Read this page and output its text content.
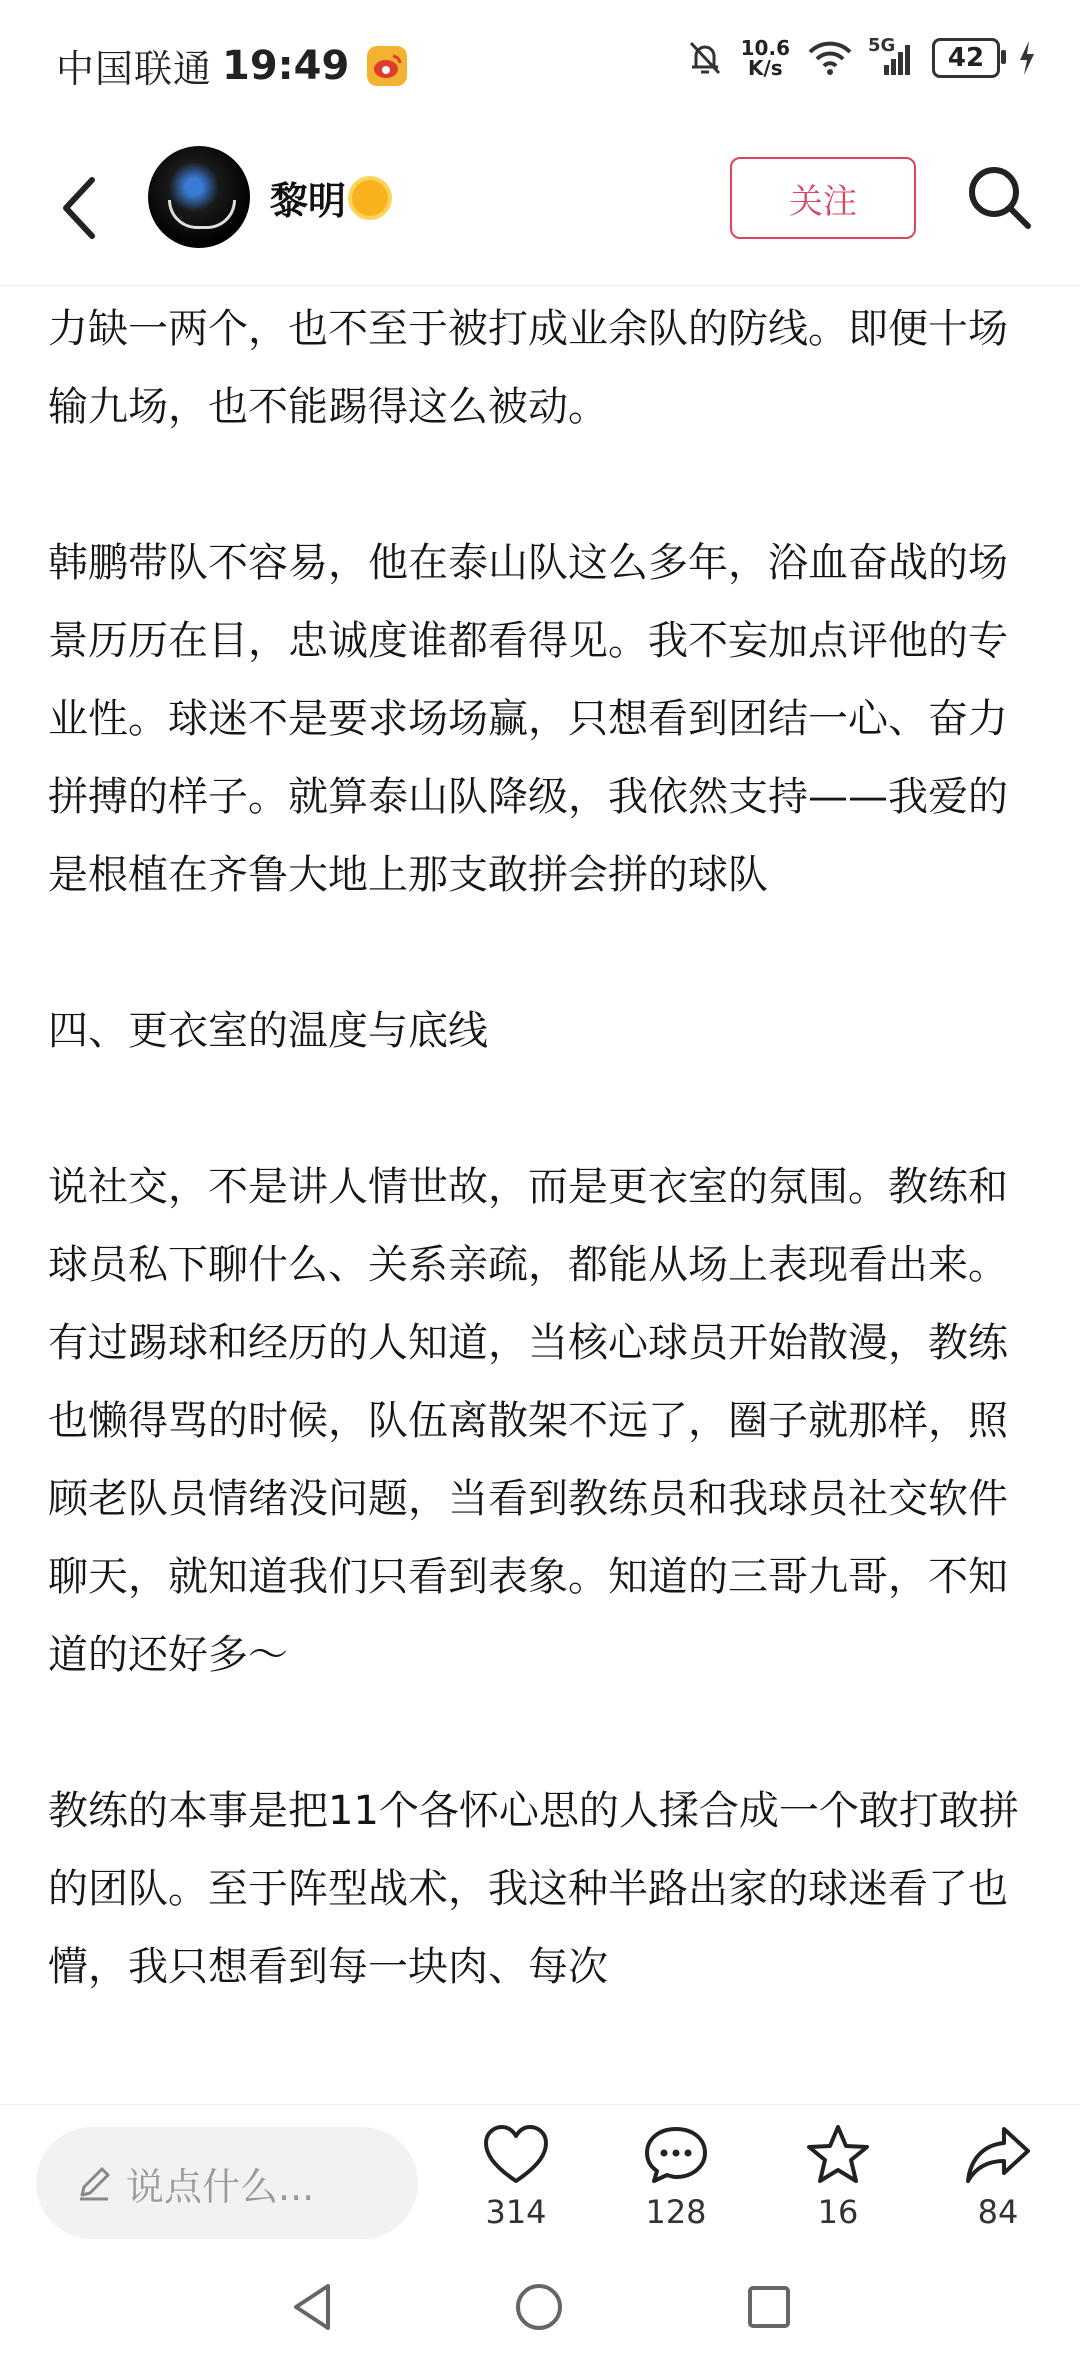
中国联通 19:49	10.6
K/s
5G 42
黎明	关注

力缺一两个，也不至于被打成业余队的防线。即便十场输九场，也不能踢得这么被动。

韩鹏带队不容易，他在泰山队这么多年，浴血奋战的场景历历在目，忠诚度谁都看得见。我不妄加点评他的专业性。球迷不是要求场场赢，只想看到团结一心、奋力拼搏的样子。就算泰山队降级，我依然支持——我爱的是根植在齐鲁大地上那支敢拼会拼的球队

四、更衣室的温度与底线

说社交，不是讲人情世故，而是更衣室的氛围。教练和球员私下聊什么、关系亲疏，都能从场上表现看出来。有过踢球和经历的人知道，当核心球员开始散漫，教练也懒得骂的时候，队伍离散架不远了，圈子就那样，照顾老队员情绪没问题，当看到教练员和我球员社交软件聊天，就知道我们只看到表象。知道的三哥九哥，不知道的还好多～

教练的本事是把11个各怀心思的人揉合成一个敢打敢拼的团队。至于阵型战术，我这种半路出家的球迷看了也懵，我只想看到每一块肉、每次

说点什么...
314	128	16	84
